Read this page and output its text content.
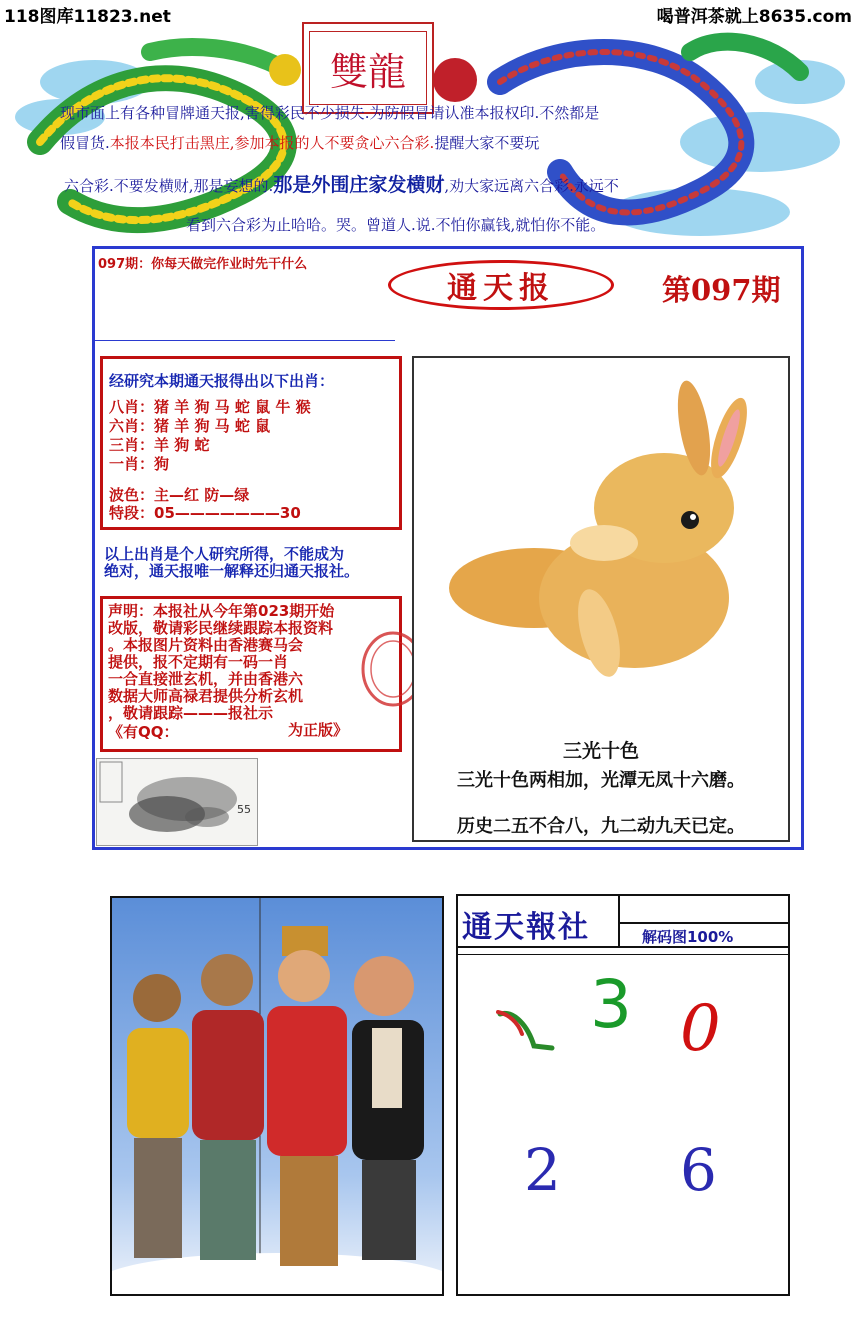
118图库11823.net	喝普洱茶就上8635.com
雙龍
现市面上有各种冒牌通天报,害得彩民不少损失.为防假冒请认准本报权印.不然都是
假冒货.本报本民打击黑庄,参加本报的人不要贪心六合彩.提醒大家不要玩
六合彩.不要发横财,那是妄想的.那是外围庄家发横财,劝大家远离六合彩.永远不
看到六合彩为止哈哈。哭。曾道人.说.不怕你赢钱,就怕你不能。
097期：你每天做完作业时先干什么
通天报	第097期
经研究本期通天报得出以下出肖：
八肖：猪 羊 狗 马 蛇 鼠 牛 猴
六肖：猪 羊 狗 马 蛇 鼠
三肖：羊 狗 蛇
一肖：狗
波色：主—红 防—绿
特段：05———————30
以上出肖是个人研究所得，不能成为
绝对，通天报唯一解释还归通天报社。
声明：本报社从今年第023期开始
改版，敬请彩民继续跟踪本报资料
。本报图片资料由香港赛马会
提供，报不定期有一码一肖
一合直接泄玄机，并由香港六
数据大师高禄君提供分析玄机
，敬请跟踪———报社示
《有QQ：	为正版》
55
三光十色
三光十色两相加，光潭无凤十六磨。
历史二五不合八，九二动九天已定。
通天報社	解码图100%
3 0
2 6
